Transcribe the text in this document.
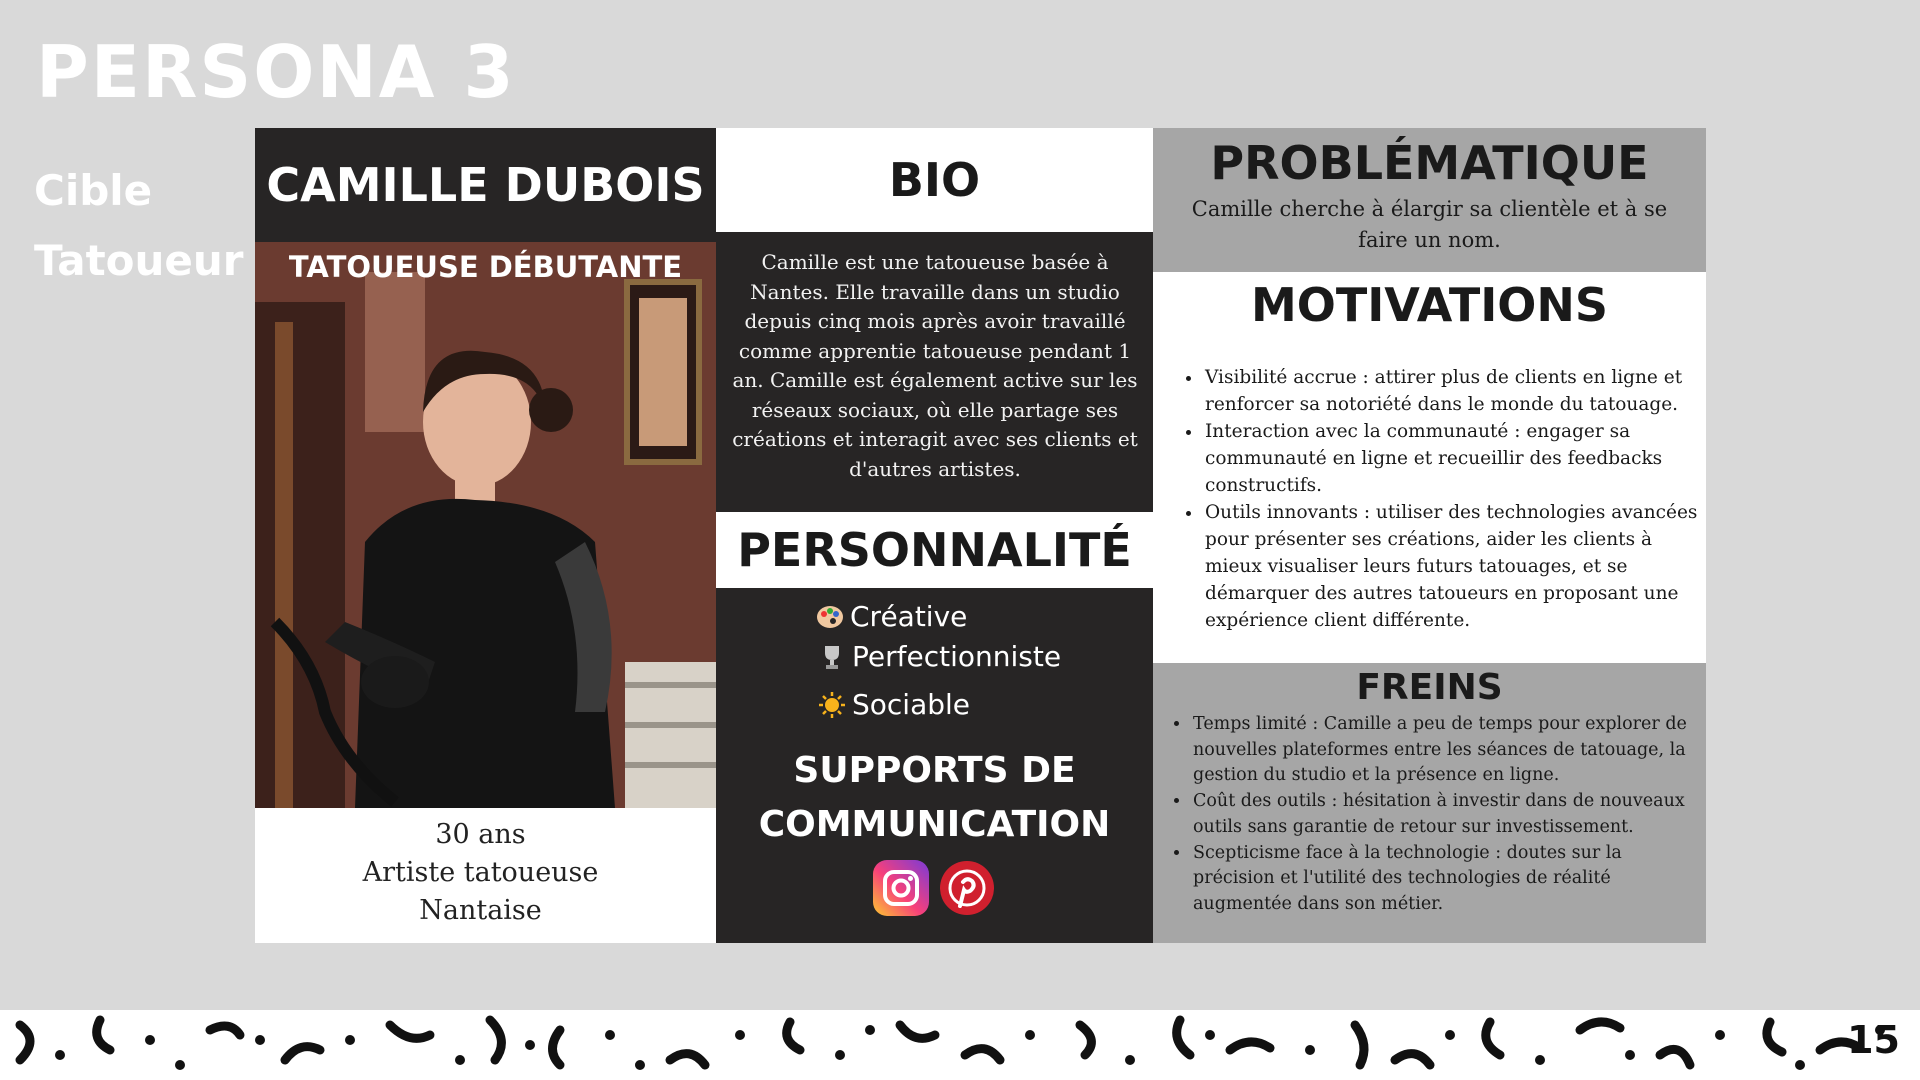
PERSONA 3

Cible

Tatoueur

CAMILLE DUBOIS
TATOUEUSE DÉBUTANTE
30 ans
Artiste tatoueuse
Nantaise
BIO
Camille est une tatoueuse basée à Nantes. Elle travaille dans un studio depuis cinq mois après avoir travaillé comme apprentie tatoueuse pendant 1 an. Camille est également active sur les réseaux sociaux, où elle partage ses créations et interagit avec ses clients et d'autres artistes.
PERSONNALITÉ
Créative
Perfectionniste
Sociable
SUPPORTS DE
COMMUNICATION
PROBLÉMATIQUE
Camille cherche à élargir sa clientèle et à se faire un nom.
MOTIVATIONS
• Visibilité accrue : attirer plus de clients en ligne et renforcer sa notoriété dans le monde du tatouage.
• Interaction avec la communauté : engager sa communauté en ligne et recueillir des feedbacks constructifs.
• Outils innovants : utiliser des technologies avancées pour présenter ses créations, aider les clients à mieux visualiser leurs futurs tatouages, et se démarquer des autres tatoueurs en proposant une expérience client différente.
FREINS
• Temps limité : Camille a peu de temps pour explorer de nouvelles plateformes entre les séances de tatouage, la gestion du studio et la présence en ligne.
• Coût des outils : hésitation à investir dans de nouveaux outils sans garantie de retour sur investissement.
• Scepticisme face à la technologie : doutes sur la précision et l'utilité des technologies de réalité augmentée dans son métier.
15
